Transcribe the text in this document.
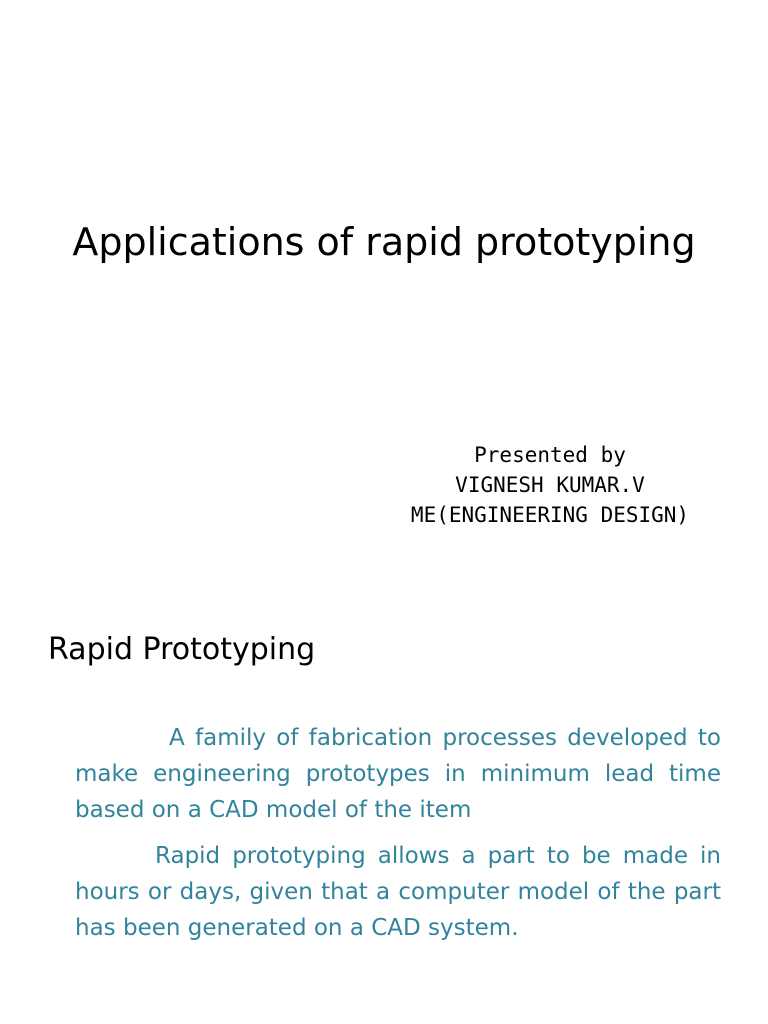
Applications of rapid prototyping
Presented by
VIGNESH KUMAR.V
ME(ENGINEERING DESIGN)
Rapid Prototyping

A family of fabrication processes developed to make engineering prototypes in minimum lead time based on a CAD model of the item

Rapid prototyping allows a part to be made in hours or days, given that a computer model of the part has been generated on a CAD system.
